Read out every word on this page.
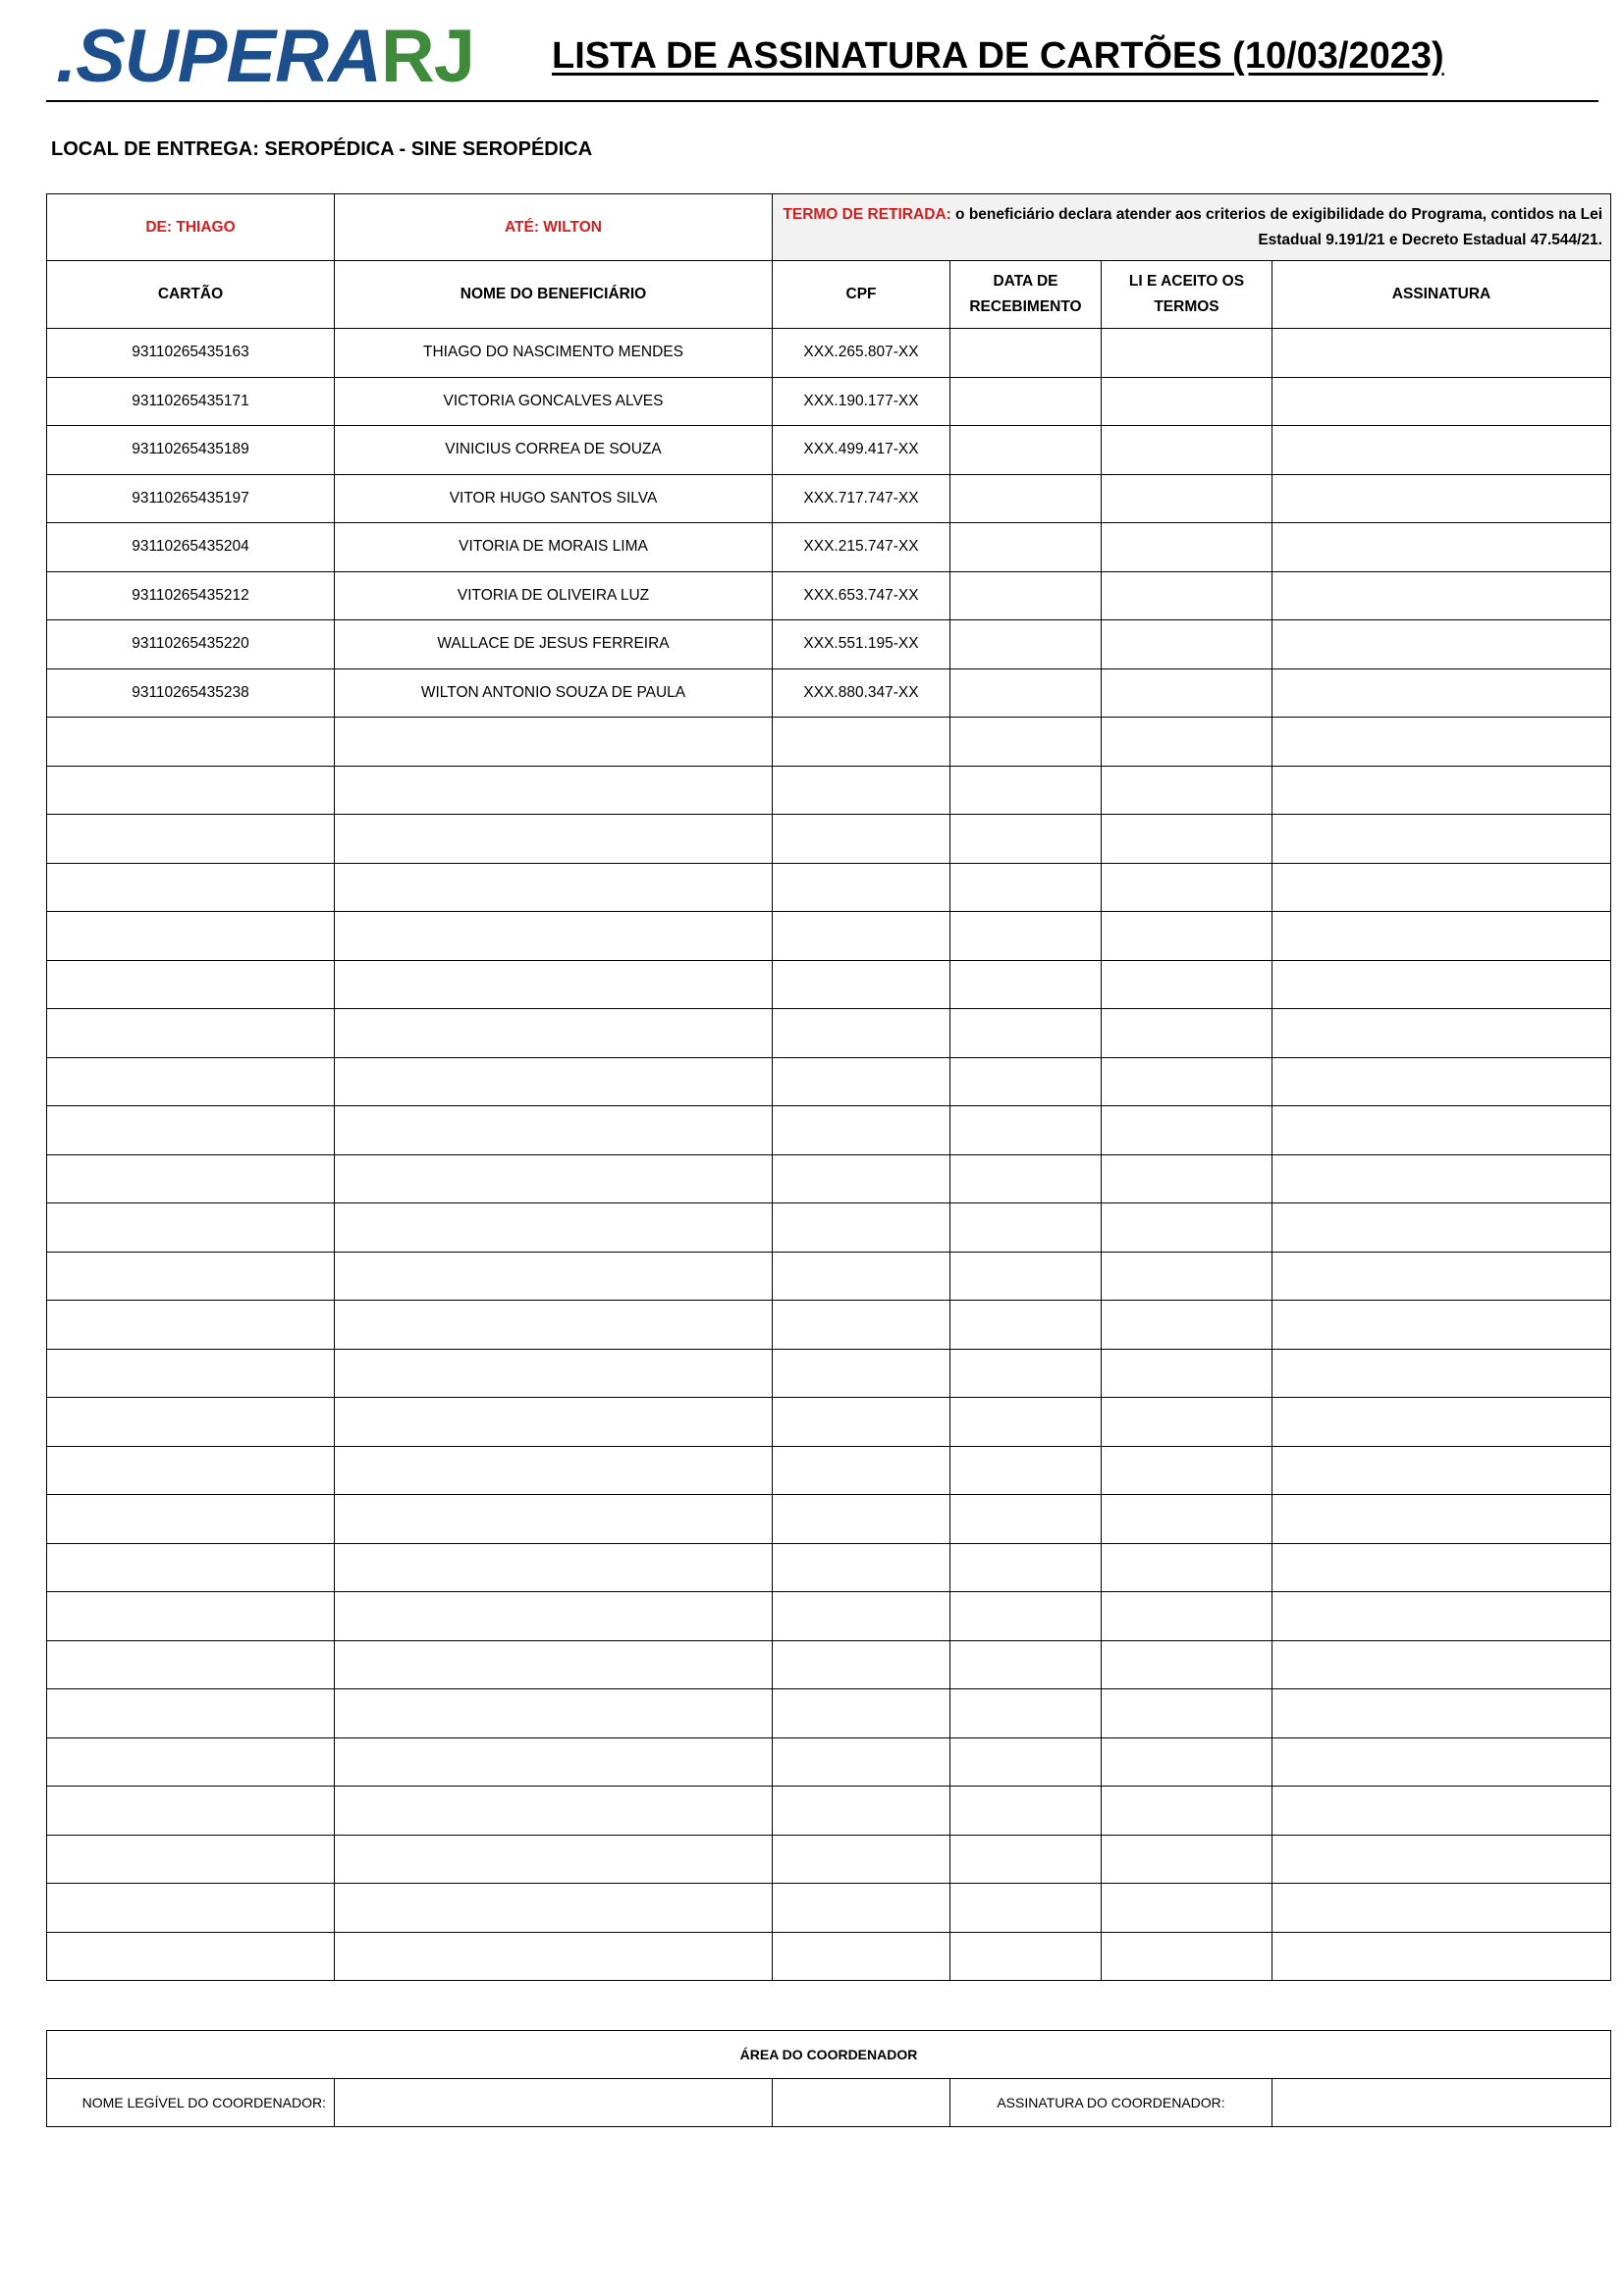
.SUPERARJ LISTA DE ASSINATURA DE CARTÕES (10/03/2023)
LOCAL DE ENTREGA: SEROPÉDICA - SINE SEROPÉDICA
DE: THIAGO	ATÉ: WILTON	TERMO DE RETIRADA: o beneficiário declara atender aos criterios de exigibilidade do Programa, contidos na Lei Estadual 9.191/21 e Decreto Estadual 47.544/21.			
CARTÃO	NOME DO BENEFICIÁRIO	CPF	DATA DE RECEBIMENTO	LI E ACEITO OS TERMOS	ASSINATURA
93110265435163	THIAGO DO NASCIMENTO MENDES	XXX.265.807-XX			
93110265435171	VICTORIA GONCALVES ALVES	XXX.190.177-XX			
93110265435189	VINICIUS CORREA DE SOUZA	XXX.499.417-XX			
93110265435197	VITOR HUGO SANTOS SILVA	XXX.717.747-XX			
93110265435204	VITORIA DE MORAIS LIMA	XXX.215.747-XX			
93110265435212	VITORIA DE OLIVEIRA LUZ	XXX.653.747-XX			
93110265435220	WALLACE DE JESUS FERREIRA	XXX.551.195-XX			
93110265435238	WILTON ANTONIO SOUZA DE PAULA	XXX.880.347-XX			

ÁREA DO COORDENADOR
NOME LEGÍVEL DO COORDENADOR:			ASSINATURA DO COORDENADOR:	
